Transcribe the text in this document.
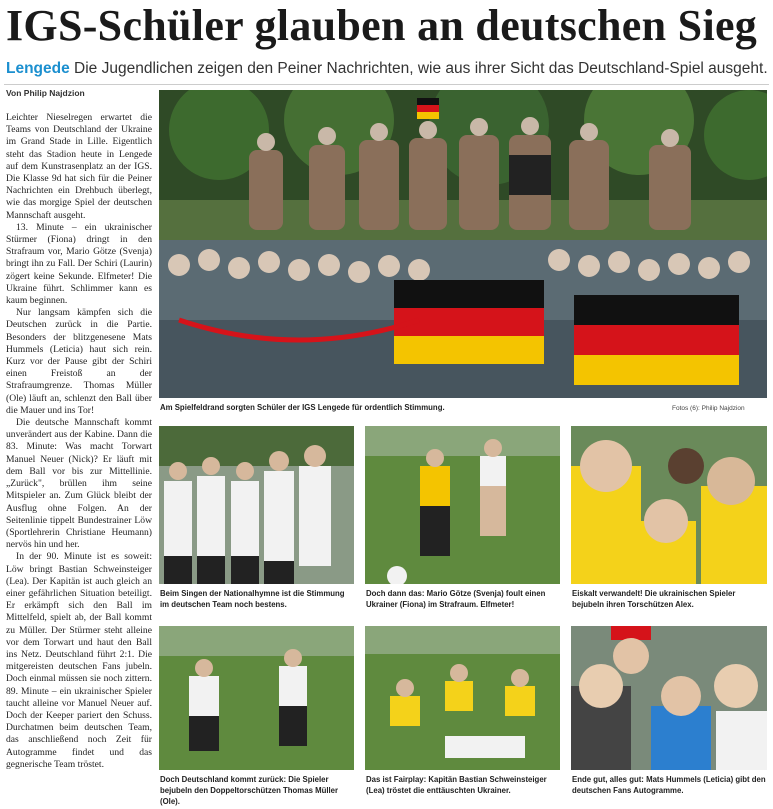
IGS-Schüler glauben an deutschen Sieg
Lengede Die Jugendlichen zeigen den Peiner Nachrichten, wie aus ihrer Sicht das Deutschland-Spiel ausgeht.
Von Philip Najdzion

Leichter Nieselregen erwartet die Teams von Deutschland der Ukraine im Grand Stade in Lille. Eigentlich steht das Stadion heute in Lengede auf dem Kunstrasenplatz an der IGS. Die Klasse 9d hat sich für die Peiner Nachrichten ein Drehbuch überlegt, wie das morgige Spiel der deutschen Mannschaft ausgeht.

13. Minute – ein ukrainischer Stürmer (Fiona) dringt in den Strafraum vor, Mario Götze (Svenja) bringt ihn zu Fall. Der Schiri (Laurin) zögert keine Sekunde. Elfmeter! Die Ukraine führt. Schlimmer kann es kaum beginnen.

Nur langsam kämpfen sich die Deutschen zurück in die Partie. Besonders der blitzgenesene Mats Hummels (Leticia) haut sich rein. Kurz vor der Pause gibt der Schiri einen Freistoß an der Strafraumgrenze. Thomas Müller (Ole) läuft an, schlenzt den Ball über die Mauer und ins Tor!

Die deutsche Mannschaft kommt unverändert aus der Kabine. Dann die 83. Minute: Was macht Torwart Manuel Neuer (Nick)? Er läuft mit dem Ball vor bis zur Mittellinie. „Zurück", brüllen ihm seine Mitspieler an. Zum Glück bleibt der Ausflug ohne Folgen. An der Seitenlinie tippelt Bundestrainer Löw (Sportlehrerin Christiane Heumann) nervös hin und her.

In der 90. Minute ist es soweit: Löw bringt Bastian Schweinsteiger (Lea). Der Kapitän ist auch gleich an einer gefährlichen Situation beteiligt. Er erkämpft sich den Ball im Mittelfeld, spielt ab, der Ball kommt zu Müller. Der Stürmer steht alleine vor dem Torwart und haut den Ball ins Netz. Deutschland führt 2:1. Die mitgereisten deutschen Fans jubeln. Doch einmal müssen sie noch zittern. 89. Minute – ein ukrainischer Spieler taucht alleine vor Manuel Neuer auf. Doch der Keeper pariert den Schuss. Durchatmen beim deutschen Team, das anschließend noch Zeit für Autogramme findet und das gegnerische Team tröstet.

Am Spielfeldrand sorgten Schüler der IGS Lengede für ordentlich Stimmung.	Fotos (6): Philip Najdzion
Beim Singen der Nationalhymne ist die Stimmung im deutschen Team noch bestens.
Doch dann das: Mario Götze (Svenja) foult einen Ukrainer (Fiona) im Strafraum. Elfmeter!
Eiskalt verwandelt! Die ukrainischen Spieler bejubeln ihren Torschützen Alex.
Doch Deutschland kommt zurück: Die Spieler bejubeln den Doppeltorschützen Thomas Müller (Ole).
Das ist Fairplay: Kapitän Bastian Schweinsteiger (Lea) tröstet die enttäuschten Ukrainer.
Ende gut, alles gut: Mats Hummels (Leticia) gibt den deutschen Fans Autogramme.
